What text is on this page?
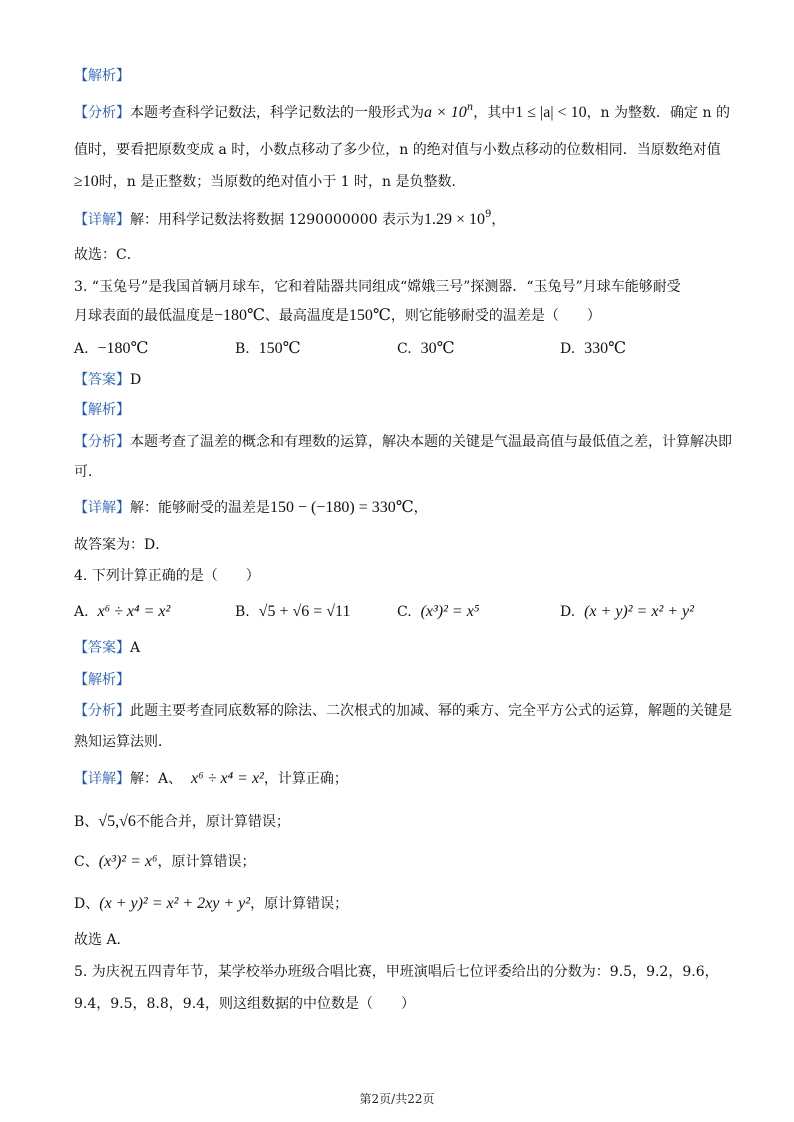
【解析】
【分析】本题考查科学记数法，科学记数法的一般形式为$a \times 10^n$，其中1 ≤ |a| < 10，n 为整数．确定 n 的
值时，要看把原数变成 a 时，小数点移动了多少位，n 的绝对值与小数点移动的位数相同．当原数绝对值
≥10时，n 是正整数；当原数的绝对值小于 1 时，n 是负整数．
【详解】解：用科学记数法将数据 1290000000 表示为$1.29 \times 10^9$，
故选：C．
3. “玉兔号”是我国首辆月球车，它和着陆器共同组成“嫦娥三号”探测器．“玉兔号”月球车能够耐受
月球表面的最低温度是−180℃、最高温度是150℃，则它能够耐受的温差是（　　）
A. −180℃	B. 150℃	C. 30℃	D. 330℃
【答案】D
【解析】
【分析】本题考查了温差的概念和有理数的运算，解决本题的关键是气温最高值与最低值之差，计算解决即
可．
【详解】解：能够耐受的温差是150 − (−180) = 330℃，
故答案为：D．
4. 下列计算正确的是（　　）
A. x⁶ ÷ x⁴ = x²	B. √5 + √6 = √11	C. (x³)² = x⁵	D. (x + y)² = x² + y²
【答案】A
【解析】
【分析】此题主要考查同底数幂的除法、二次根式的加减、幂的乘方、完全平方公式的运算，解题的关键是
熟知运算法则．
【详解】解：A、 x⁶ ÷ x⁴ = x²，计算正确；
B、√5,√6不能合并，原计算错误；
C、(x³)² = x⁶，原计算错误；
D、(x + y)² = x² + 2xy + y²，原计算错误；
故选 A．
5. 为庆祝五四青年节，某学校举办班级合唱比赛，甲班演唱后七位评委给出的分数为：9.5，9.2，9.6，
9.4，9.5，8.8，9.4，则这组数据的中位数是（　　）
第2页/共22页
